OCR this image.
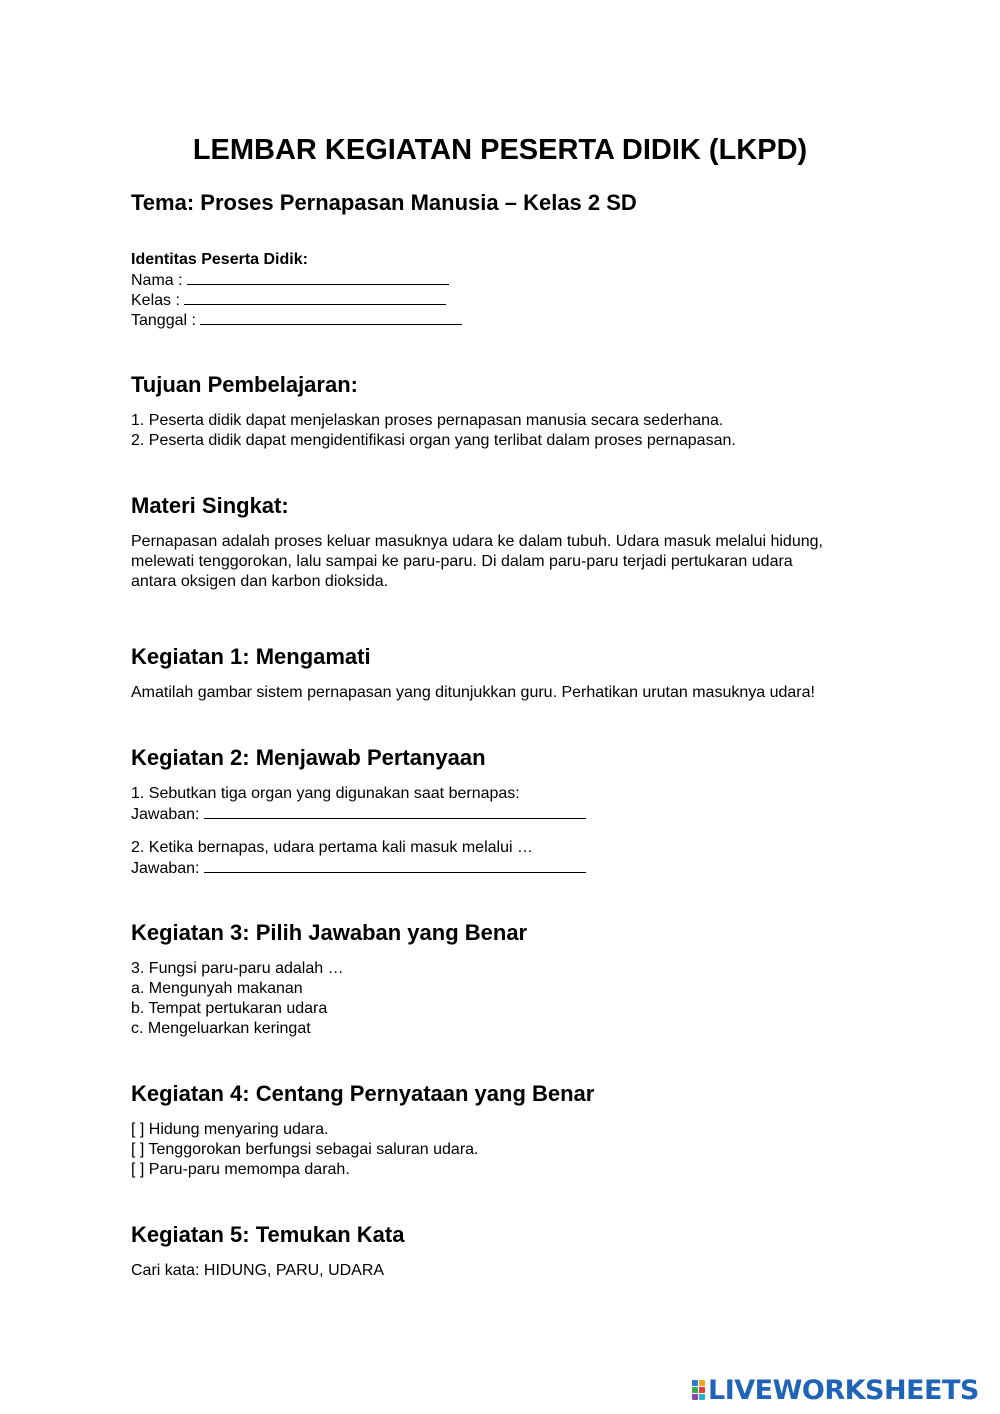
LEMBAR KEGIATAN PESERTA DIDIK (LKPD)
Tema: Proses Pernapasan Manusia – Kelas 2 SD
Identitas Peserta Didik:
Nama :
Kelas :
Tanggal :
Tujuan Pembelajaran:
1. Peserta didik dapat menjelaskan proses pernapasan manusia secara sederhana.
2. Peserta didik dapat mengidentifikasi organ yang terlibat dalam proses pernapasan.
Materi Singkat:
Pernapasan adalah proses keluar masuknya udara ke dalam tubuh. Udara masuk melalui hidung,
melewati tenggorokan, lalu sampai ke paru-paru. Di dalam paru-paru terjadi pertukaran udara
antara oksigen dan karbon dioksida.
Kegiatan 1: Mengamati
Amatilah gambar sistem pernapasan yang ditunjukkan guru. Perhatikan urutan masuknya udara!
Kegiatan 2: Menjawab Pertanyaan
1. Sebutkan tiga organ yang digunakan saat bernapas:
Jawaban:
2. Ketika bernapas, udara pertama kali masuk melalui …
Jawaban:
Kegiatan 3: Pilih Jawaban yang Benar
3. Fungsi paru-paru adalah …
a. Mengunyah makanan
b. Tempat pertukaran udara
c. Mengeluarkan keringat
Kegiatan 4: Centang Pernyataan yang Benar
[ ] Hidung menyaring udara.
[ ] Tenggorokan berfungsi sebagai saluran udara.
[ ] Paru-paru memompa darah.
Kegiatan 5: Temukan Kata
Cari kata: HIDUNG, PARU, UDARA
LIVEWORKSHEETS
